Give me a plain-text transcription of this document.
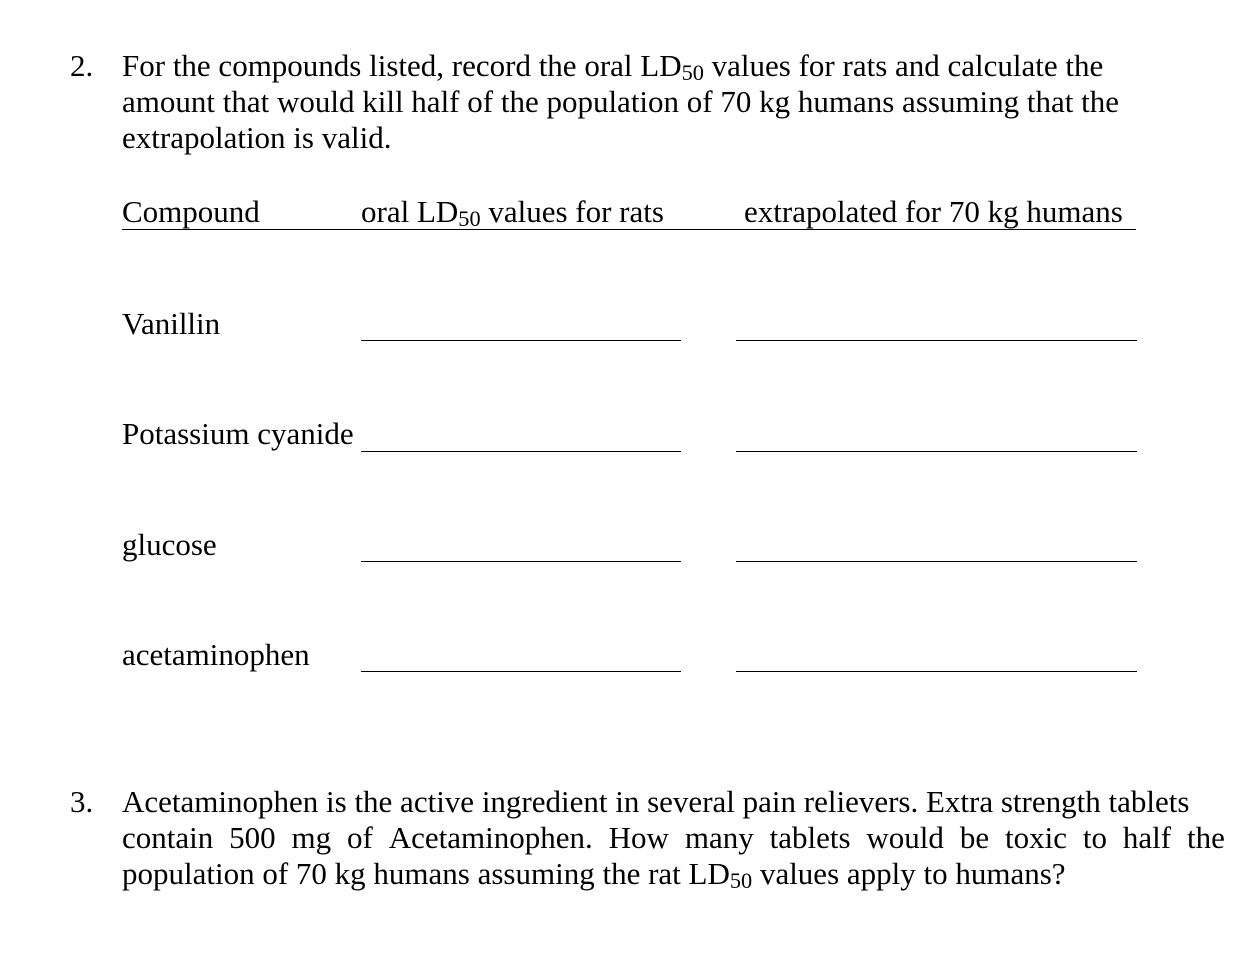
2. For the compounds listed, record the oral $LD_{50}$ values for rats and calculate the
amount that would kill half of the population of 70 kg humans assuming that the
extrapolation is valid.
Compound	oral $LD_{50}$ values for rats	extrapolated for 70 kg humans
Vanillin
Potassium cyanide
glucose
acetaminophen
3. Acetaminophen is the active ingredient in several pain relievers. Extra strength tablets
contain 500 mg of Acetaminophen. How many tablets would be toxic to half the
population of 70 kg humans assuming the rat $LD_{50}$ values apply to humans?
